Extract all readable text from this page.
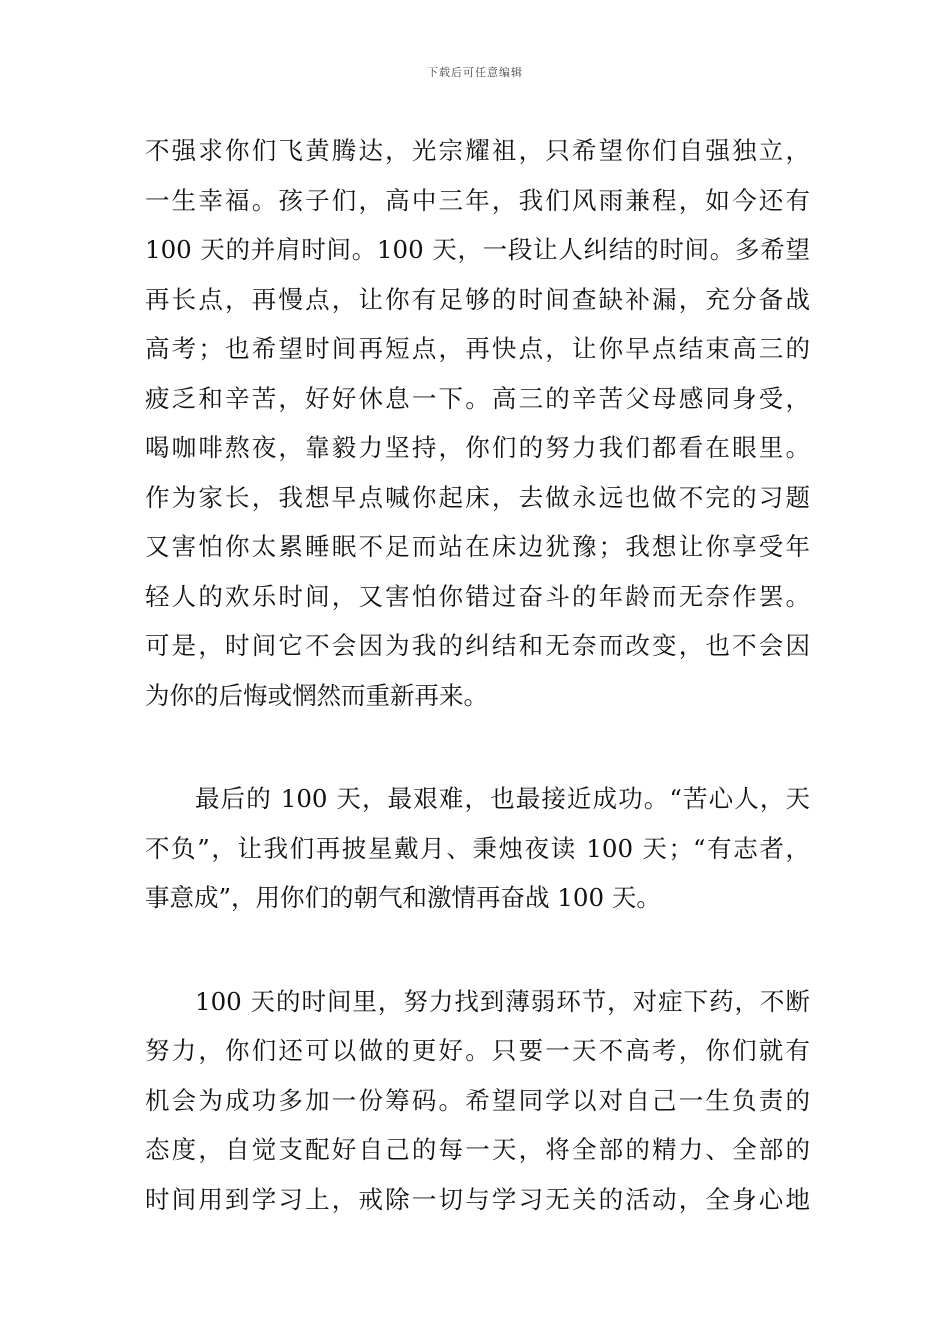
下载后可任意编辑
不强求你们飞黄腾达，光宗耀祖，只希望你们自强独立，
一生幸福。孩子们，高中三年，我们风雨兼程，如今还有
100 天的并肩时间。100 天，一段让人纠结的时间。多希望
再长点，再慢点，让你有足够的时间查缺补漏，充分备战
高考；也希望时间再短点，再快点，让你早点结束高三的
疲乏和辛苦，好好休息一下。高三的辛苦父母感同身受，
喝咖啡熬夜，靠毅力坚持，你们的努力我们都看在眼里。
作为家长，我想早点喊你起床，去做永远也做不完的习题
又害怕你太累睡眠不足而站在床边犹豫；我想让你享受年
轻人的欢乐时间，又害怕你错过奋斗的年龄而无奈作罢。
可是，时间它不会因为我的纠结和无奈而改变，也不会因
为你的后悔或惘然而重新再来。
最后的 100 天，最艰难，也最接近成功。“苦心人，天
不负”，让我们再披星戴月、秉烛夜读 100 天；“有志者，
事意成”，用你们的朝气和激情再奋战 100 天。
100 天的时间里，努力找到薄弱环节，对症下药，不断
努力，你们还可以做的更好。只要一天不高考，你们就有
机会为成功多加一份筹码。希望同学以对自己一生负责的
态度，自觉支配好自己的每一天，将全部的精力、全部的
时间用到学习上，戒除一切与学习无关的活动，全身心地
